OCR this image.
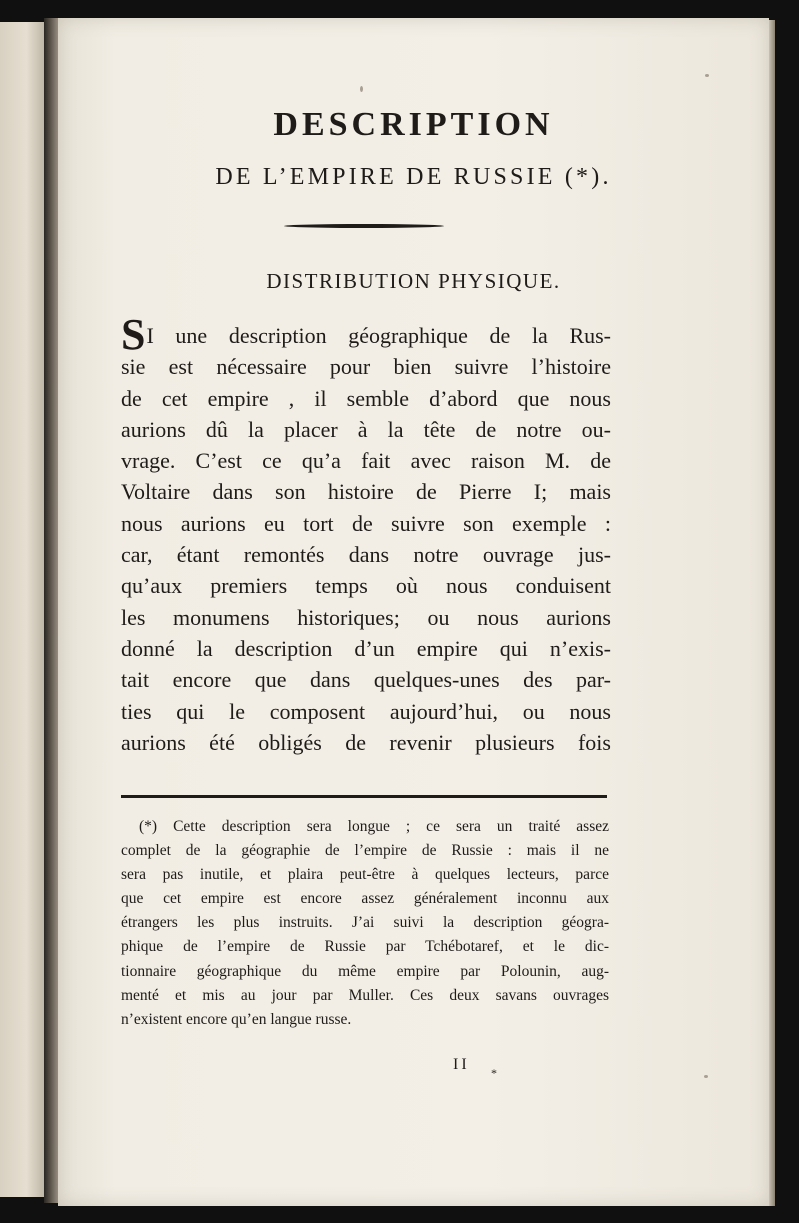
DESCRIPTION
DE L’EMPIRE DE RUSSIE (*).
DISTRIBUTION PHYSIQUE.
SI une description géographique de la Rus-
sie est nécessaire pour bien suivre l’histoire
de cet empire , il semble d’abord que nous
aurions dû la placer à la tête de notre ou-
vrage. C’est ce qu’a fait avec raison M. de
Voltaire dans son histoire de Pierre I; mais
nous aurions eu tort de suivre son exemple :
car, étant remontés dans notre ouvrage jus-
qu’aux premiers temps où nous conduisent
les monumens historiques; ou nous aurions
donné la description d’un empire qui n’exis-
tait encore que dans quelques-unes des par-
ties qui le composent aujourd’hui, ou nous
aurions été obligés de revenir plusieurs fois
(*) Cette description sera longue ; ce sera un traité assez
complet de la géographie de l’empire de Russie : mais il ne
sera pas inutile, et plaira peut-être à quelques lecteurs, parce
que cet empire est encore assez généralement inconnu aux
étrangers les plus instruits. J’ai suivi la description géogra-
phique de l’empire de Russie par Tchébotaref, et le dic-
tionnaire géographique du même empire par Polounin, aug-
menté et mis au jour par Muller. Ces deux savans ouvrages
n’existent encore qu’en langue russe.
II *
